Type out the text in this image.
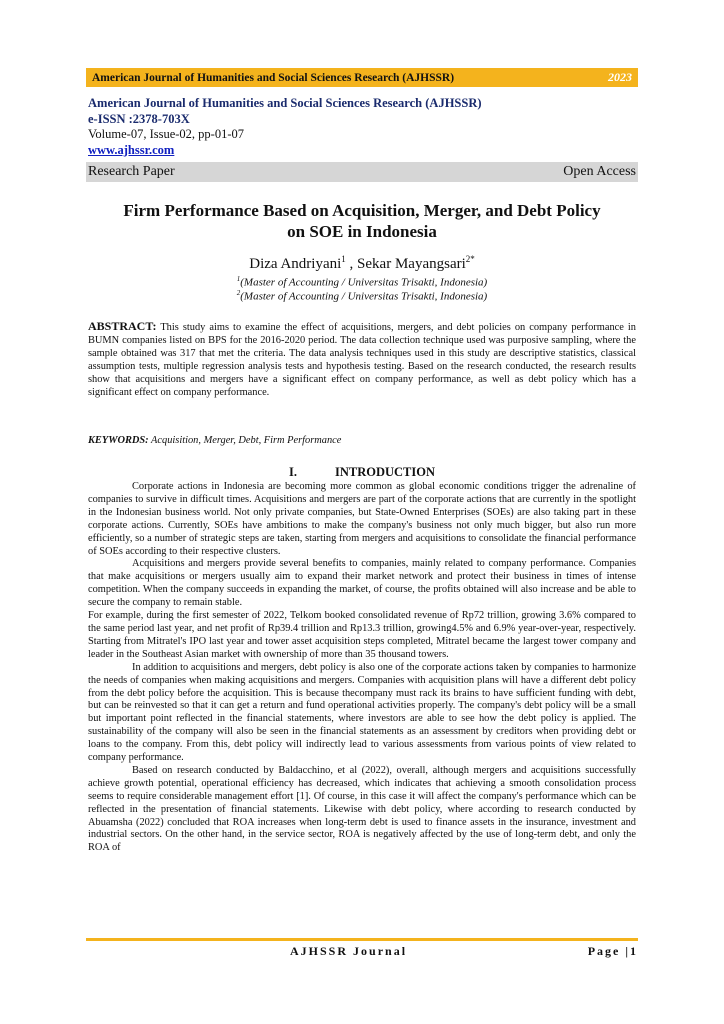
American Journal of Humanities and Social Sciences Research (AJHSSR)	2023
American Journal of Humanities and Social Sciences Research (AJHSSR)
e-ISSN :2378-703X
Volume-07, Issue-02, pp-01-07
www.ajhssr.com
Research Paper	Open Access
Firm Performance Based on Acquisition, Merger, and Debt Policy
on SOE in Indonesia
Diza Andriyani$^1$ , Sekar Mayangsari$^{2*}$
$^1$(Master of Accounting / Universitas Trisakti, Indonesia)
$^2$(Master of Accounting / Universitas Trisakti, Indonesia)
ABSTRACT: This study aims to examine the effect of acquisitions, mergers, and debt policies on company performance in BUMN companies listed on BPS for the 2016-2020 period. The data collection technique used was purposive sampling, where the sample obtained was 317 that met the criteria. The data analysis techniques used in this study are descriptive statistics, classical assumption tests, multiple regression analysis tests and hypothesis testing. Based on the research conducted, the research results show that acquisitions and mergers have a significant effect on company performance, as well as debt policy which has a significant effect on company performance.
KEYWORDS: Acquisition, Merger, Debt, Firm Performance
I.	INTRODUCTION

Corporate actions in Indonesia are becoming more common as global economic conditions trigger the adrenaline of companies to survive in difficult times. Acquisitions and mergers are part of the corporate actions that are currently in the spotlight in the Indonesian business world. Not only private companies, but State-Owned Enterprises (SOEs) are also taking part in these corporate actions. Currently, SOEs have ambitions to make the company's business not only much bigger, but also run more efficiently, so a number of strategic steps are taken, starting from mergers and acquisitions to consolidate the financial performance of SOEs according to their respective clusters.

Acquisitions and mergers provide several benefits to companies, mainly related to company performance. Companies that make acquisitions or mergers usually aim to expand their market network and protect their business in times of intense competition. When the company succeeds in expanding the market, of course, the profits obtained will also increase and be able to secure the company to remain stable.

For example, during the first semester of 2022, Telkom booked consolidated revenue of Rp72 trillion, growing 3.6% compared to the same period last year, and net profit of Rp39.4 trillion and Rp13.3 trillion, growing4.5% and 6.9% year-over-year, respectively. Starting from Mitratel's IPO last year and tower asset acquisition steps completed, Mitratel became the largest tower company and leader in the Southeast Asian market with ownership of more than 35 thousand towers.

In addition to acquisitions and mergers, debt policy is also one of the corporate actions taken by companies to harmonize the needs of companies when making acquisitions and mergers. Companies with acquisition plans will have a different debt policy from the debt policy before the acquisition. This is because thecompany must rack its brains to have sufficient funding with debt, but can be reinvested so that it can get a return and fund operational activities properly. The company's debt policy will be a small but important point reflected in the financial statements, where investors are able to see how the debt policy is applied. The sustainability of the company will also be seen in the financial statements as an assessment by creditors when providing debt or loans to the company. From this, debt policy will indirectly lead to various assessments from various points of view related to company performance.

Based on research conducted by Baldacchino, et al (2022), overall, although mergers and acquisitions successfully achieve growth potential, operational efficiency has decreased, which indicates that achieving a smooth consolidation process seems to require considerable management effort [1]. Of course, in this case it will affect the company's performance which can be reflected in the presentation of financial statements. Likewise with debt policy, where according to research conducted by Abuamsha (2022) concluded that ROA increases when long-term debt is used to finance assets in the insurance, investment and industrial sectors. On the other hand, in the service sector, ROA is negatively affected by the use of long-term debt, and only the ROA of

AJHSSR Journal	Page |1
